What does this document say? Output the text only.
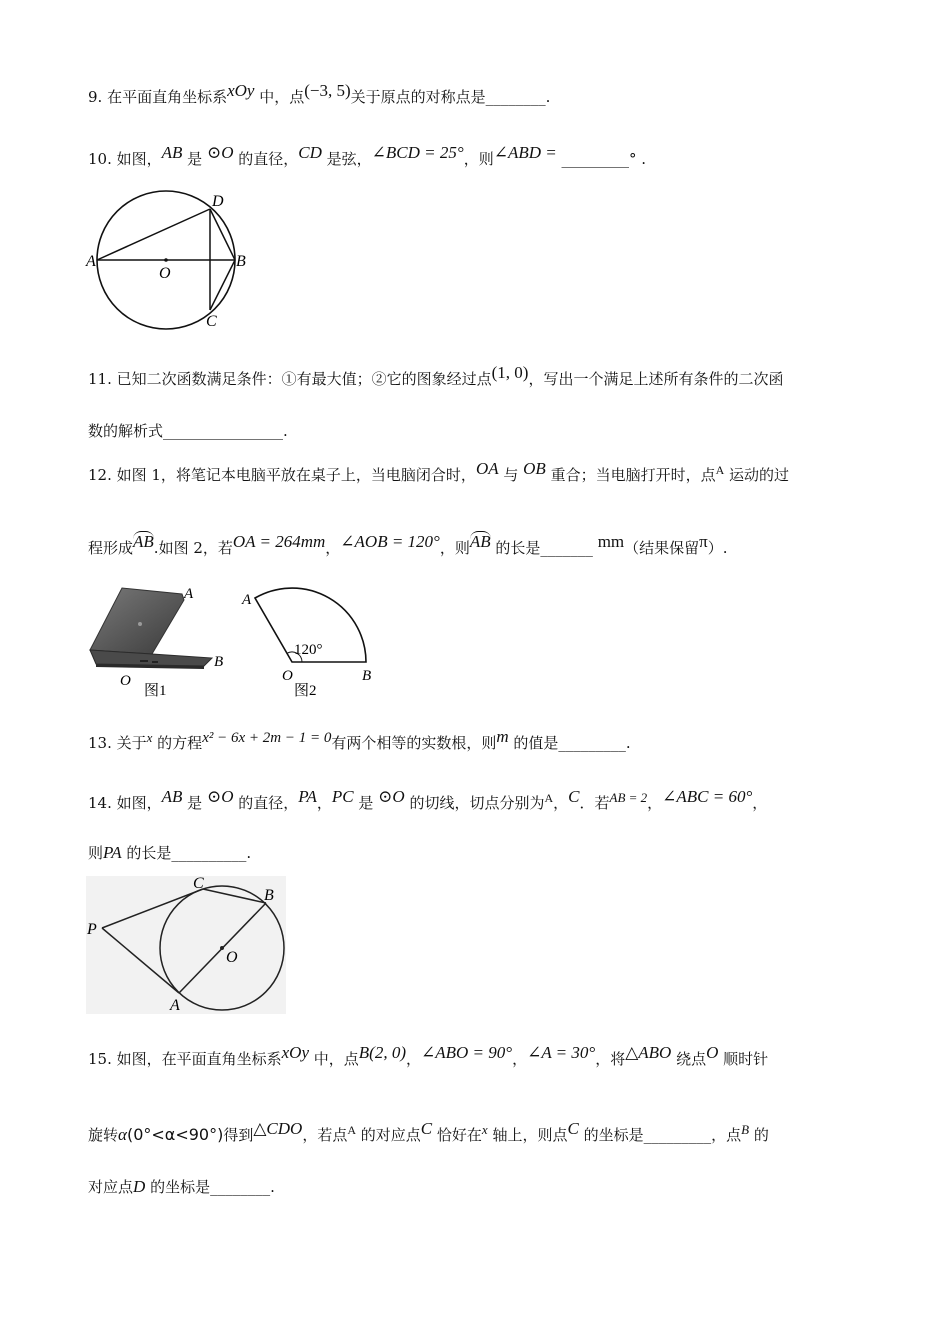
9. 在平面直角坐标系xOy 中，点(−3, 5)关于原点的对称点是________.
10. 如图，AB 是 ⊙O 的直径，CD 是弦，∠BCD = 25°，则∠ABD = _________° .
A	B
D
C
O
11. 已知二次函数满足条件：①有最大值；②它的图象经过点(1, 0)，写出一个满足上述所有条件的二次函
数的解析式________________.
12. 如图 1，将笔记本电脑平放在桌子上，当电脑闭合时，OA 与 OB 重合；当电脑打开时，点$^A$ 运动的过
程形成AB.如图 2，若OA = 264mm，∠AOB = 120°，则AB 的长是_______ mm（结果保留π）.
A
B
O
图1
A
O	B
120°
图2
13. 关于x 的方程x² − 6x + 2m − 1 = 0有两个相等的实数根，则m 的值是_________.
14. 如图，AB 是 ⊙O 的直径，PA，PC 是 ⊙O 的切线，切点分别为$^A$，C．若AB = 2，∠ABC = 60°，
则PA 的长是__________.
P
C
B
O
A
15. 如图，在平面直角坐标系xOy 中，点B(2, 0)，∠ABO = 90°，∠A = 30°，将△ABO 绕点O 顺时针
旋转α(0°<α<90°)得到△CDO，若点$^A$ 的对应点C 恰好在x 轴上，则点C 的坐标是_________，点B 的
对应点D 的坐标是________.
